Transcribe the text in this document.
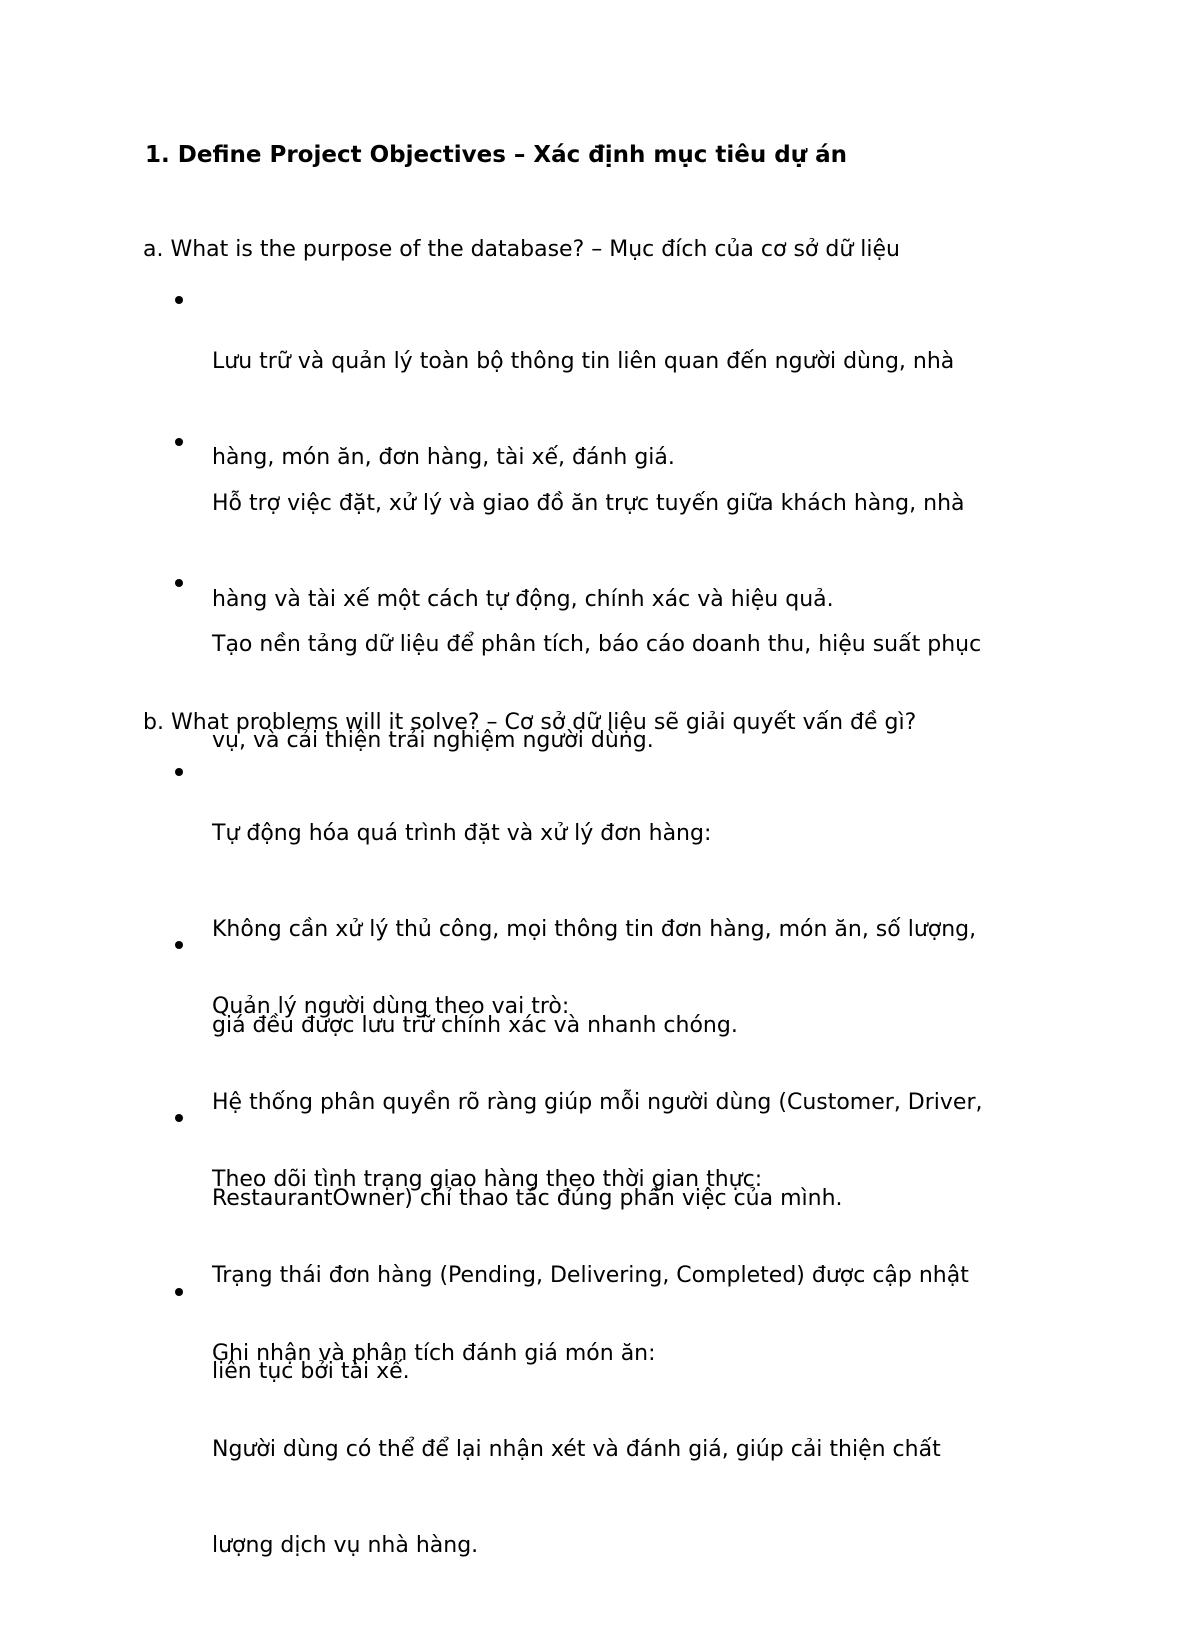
1. Define Project Objectives – Xác định mục tiêu dự án
a. What is the purpose of the database? – Mục đích của cơ sở dữ liệu

Lưu trữ và quản lý toàn bộ thông tin liên quan đến người dùng, nhà

hàng, món ăn, đơn hàng, tài xế, đánh giá.

Hỗ trợ việc đặt, xử lý và giao đồ ăn trực tuyến giữa khách hàng, nhà

hàng và tài xế một cách tự động, chính xác và hiệu quả.

Tạo nền tảng dữ liệu để phân tích, báo cáo doanh thu, hiệu suất phục

vụ, và cải thiện trải nghiệm người dùng.

b. What problems will it solve? – Cơ sở dữ liệu sẽ giải quyết vấn đề gì?

Tự động hóa quá trình đặt và xử lý đơn hàng:

Không cần xử lý thủ công, mọi thông tin đơn hàng, món ăn, số lượng,

giá đều được lưu trữ chính xác và nhanh chóng.

Quản lý người dùng theo vai trò:

Hệ thống phân quyền rõ ràng giúp mỗi người dùng (Customer, Driver,

RestaurantOwner) chỉ thao tác đúng phần việc của mình.

Theo dõi tình trạng giao hàng theo thời gian thực:

Trạng thái đơn hàng (Pending, Delivering, Completed) được cập nhật

liên tục bởi tài xế.

Ghi nhận và phân tích đánh giá món ăn:

Người dùng có thể để lại nhận xét và đánh giá, giúp cải thiện chất

lượng dịch vụ nhà hàng.
